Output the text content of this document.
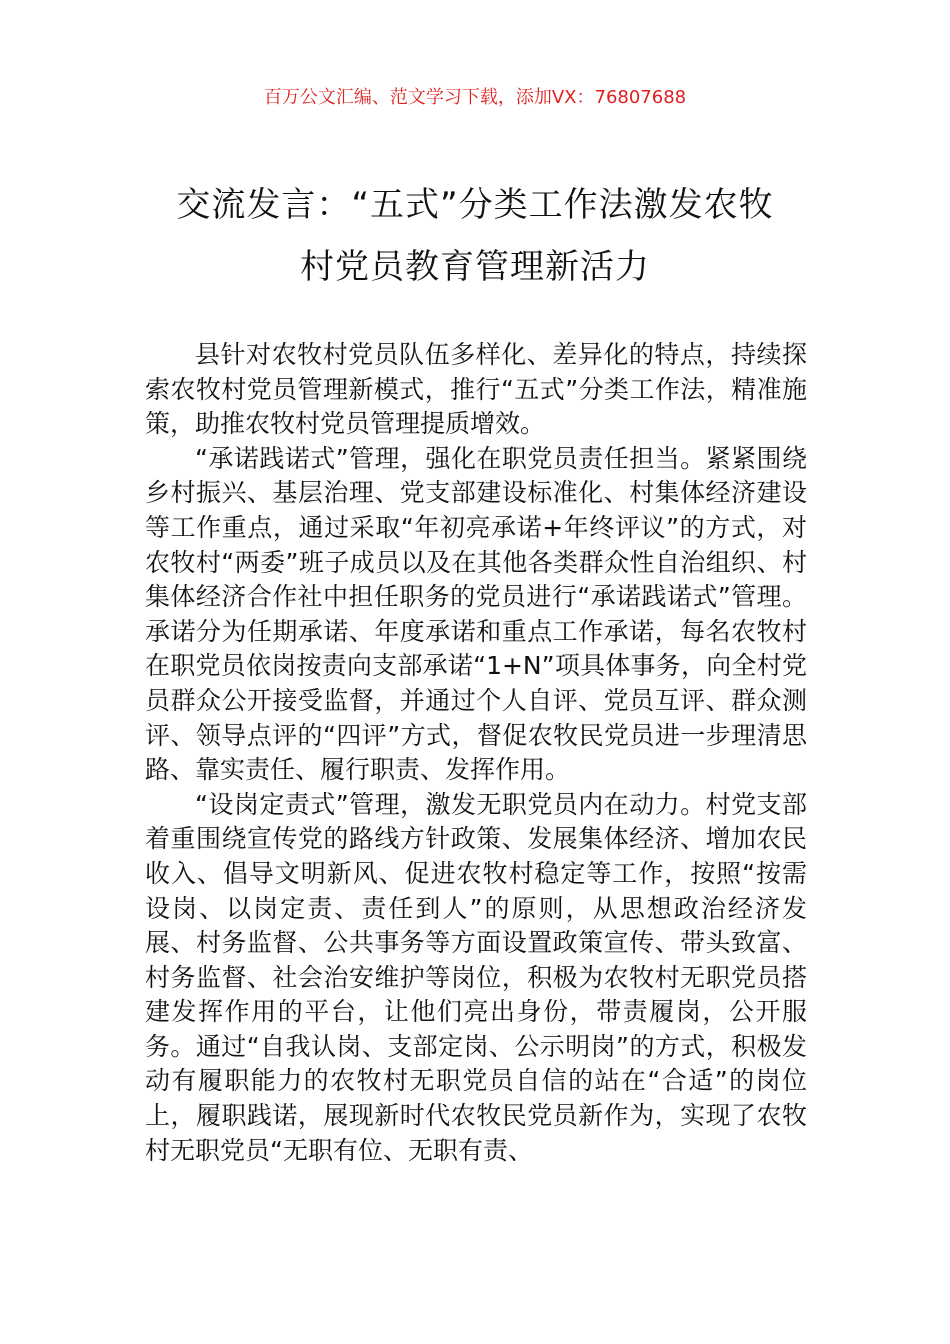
百万公文汇编、范文学习下载，添加VX：76807688
交流发言：“五式”分类工作法激发农牧
村党员教育管理新活力

县针对农牧村党员队伍多样化、差异化的特点，持续探索农牧村党员管理新模式，推行“五式”分类工作法，精准施策，助推农牧村党员管理提质增效。

“承诺践诺式”管理，强化在职党员责任担当。紧紧围绕乡村振兴、基层治理、党支部建设标准化、村集体经济建设等工作重点，通过采取“年初亮承诺+年终评议”的方式，对农牧村“两委”班子成员以及在其他各类群众性自治组织、村集体经济合作社中担任职务的党员进行“承诺践诺式”管理。承诺分为任期承诺、年度承诺和重点工作承诺，每名农牧村在职党员依岗按责向支部承诺“1+N”项具体事务，向全村党员群众公开接受监督，并通过个人自评、党员互评、群众测评、领导点评的“四评”方式，督促农牧民党员进一步理清思路、靠实责任、履行职责、发挥作用。

“设岗定责式”管理，激发无职党员内在动力。村党支部着重围绕宣传党的路线方针政策、发展集体经济、增加农民收入、倡导文明新风、促进农牧村稳定等工作，按照“按需设岗、以岗定责、责任到人”的原则，从思想政治经济发展、村务监督、公共事务等方面设置政策宣传、带头致富、村务监督、社会治安维护等岗位，积极为农牧村无职党员搭建发挥作用的平台，让他们亮出身份，带责履岗，公开服务。通过“自我认岗、支部定岗、公示明岗”的方式，积极发动有履职能力的农牧村无职党员自信的站在“合适”的岗位上，履职践诺，展现新时代农牧民党员新作为，实现了农牧村无职党员“无职有位、无职有责、
